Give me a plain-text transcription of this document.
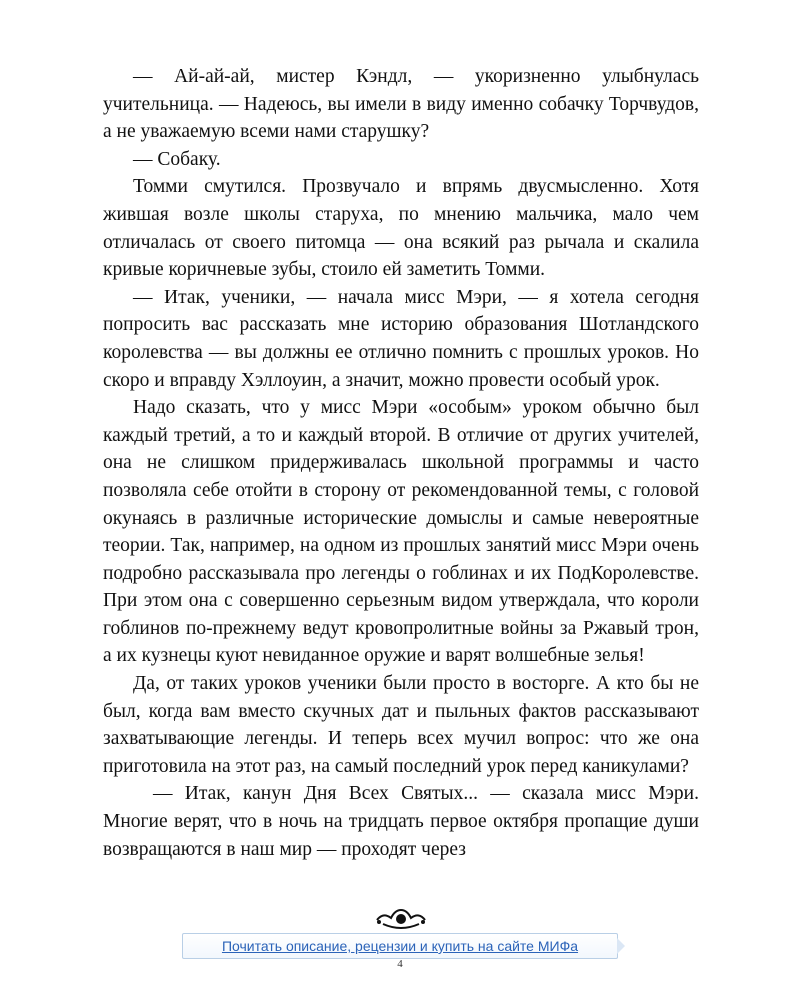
— Ай-ай-ай, мистер Кэндл, — укоризненно улыбнулась учительница. — Надеюсь, вы имели в виду именно собачку Торчвудов, а не уважаемую всеми нами старушку?

— Собаку.

Томми смутился. Прозвучало и впрямь двусмысленно. Хотя жившая возле школы старуха, по мнению мальчика, мало чем отличалась от своего питомца — она всякий раз рычала и скалила кривые коричневые зубы, стоило ей заметить Томми.

— Итак, ученики, — начала мисс Мэри, — я хотела сегодня попросить вас рассказать мне историю образования Шотландского королевства — вы должны ее отлично помнить с прошлых уроков. Но скоро и вправду Хэллоуин, а значит, можно провести особый урок.

Надо сказать, что у мисс Мэри «особым» уроком обычно был каждый третий, а то и каждый второй. В отличие от других учителей, она не слишком придерживалась школьной программы и часто позволяла себе отойти в сторону от рекомендованной темы, с головой окунаясь в различные исторические домыслы и самые невероятные теории. Так, например, на одном из прошлых занятий мисс Мэри очень подробно рассказывала про легенды о гоблинах и их ПодКоролевстве. При этом она с совершенно серьезным видом утверждала, что короли гоблинов по-прежнему ведут кровопролитные войны за Ржавый трон, а их кузнецы куют невиданное оружие и варят волшебные зелья!

Да, от таких уроков ученики были просто в восторге. А кто бы не был, когда вам вместо скучных дат и пыльных фактов рассказывают захватывающие легенды. И теперь всех мучил вопрос: что же она приготовила на этот раз, на самый последний урок перед каникулами?

— Итак, канун Дня Всех Святых... — сказала мисс Мэри. Многие верят, что в ночь на тридцать первое октября пропащие души возвращаются в наш мир — проходят через

Почитать описание, рецензии и купить на сайте МИФа
4
